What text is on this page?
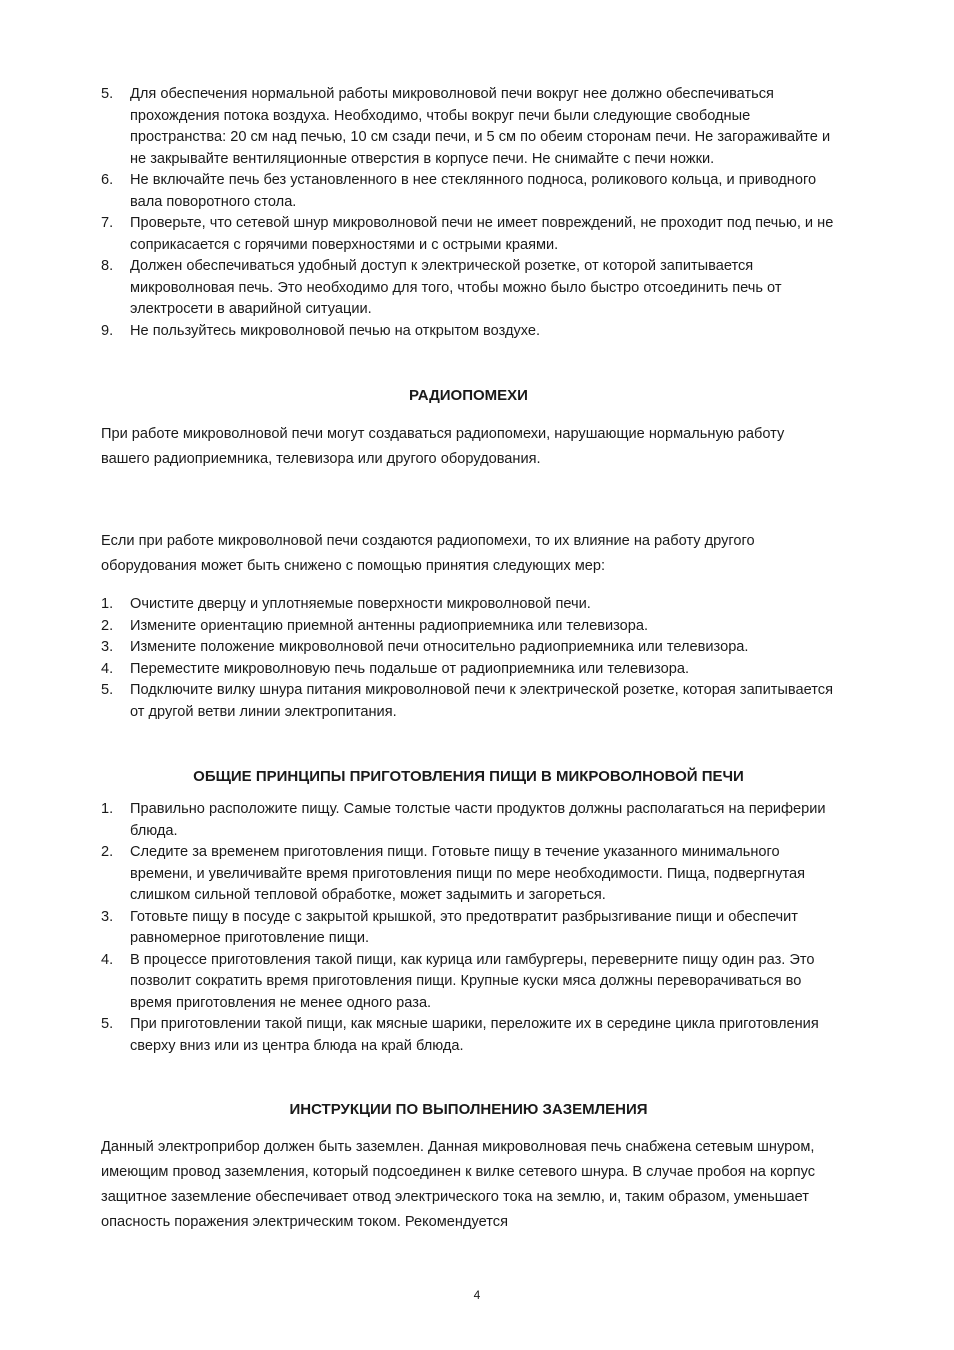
5. Для обеспечения нормальной работы микроволновой печи вокруг нее должно обеспечиваться прохождения потока воздуха. Необходимо, чтобы вокруг печи были следующие свободные пространства: 20 см над печью, 10 см сзади печи, и 5 см по обеим сторонам печи. Не загораживайте и не закрывайте вентиляционные отверстия в корпусе печи. Не снимайте с печи ножки.
6. Не включайте печь без установленного в нее стеклянного подноса, роликового кольца, и приводного вала поворотного стола.
7. Проверьте, что сетевой шнур микроволновой печи не имеет повреждений, не проходит под печью, и не соприкасается с горячими поверхностями и с острыми краями.
8. Должен обеспечиваться удобный доступ к электрической розетке, от которой запитывается микроволновая печь. Это необходимо для того, чтобы можно было быстро отсоединить печь от электросети в аварийной ситуации.
9. Не пользуйтесь микроволновой печью на открытом воздухе.
РАДИОПОМЕХИ

При работе микроволновой печи могут создаваться радиопомехи, нарушающие нормальную работу вашего радиоприемника, телевизора или другого оборудования.

Если при работе микроволновой печи создаются радиопомехи, то их влияние на работу другого оборудования может быть снижено с помощью принятия следующих мер:

1. Очистите дверцу и уплотняемые поверхности микроволновой печи.
2. Измените ориентацию приемной антенны радиоприемника или телевизора.
3. Измените положение микроволновой печи относительно радиоприемника или телевизора.
4. Переместите микроволновую печь подальше от радиоприемника или телевизора.
5. Подключите вилку шнура питания микроволновой печи к электрической розетке, которая запитывается от другой ветви линии электропитания.
ОБЩИЕ ПРИНЦИПЫ ПРИГОТОВЛЕНИЯ ПИЩИ В МИКРОВОЛНОВОЙ ПЕЧИ
1. Правильно расположите пищу. Самые толстые части продуктов должны располагаться на периферии блюда.
2. Следите за временем приготовления пищи. Готовьте пищу в течение указанного минимального времени, и увеличивайте время приготовления пищи по мере необходимости. Пища, подвергнутая слишком сильной тепловой обработке, может задымить и загореться.
3. Готовьте пищу в посуде с закрытой крышкой, это предотвратит разбрызгивание пищи и обеспечит равномерное приготовление пищи.
4. В процессе приготовления такой пищи, как курица или гамбургеры, переверните пищу один раз. Это позволит сократить время приготовления пищи. Крупные куски мяса должны переворачиваться во время приготовления не менее одного раза.
5. При приготовлении такой пищи, как мясные шарики, переложите их в середине цикла приготовления сверху вниз или из центра блюда на край блюда.
ИНСТРУКЦИИ ПО ВЫПОЛНЕНИЮ ЗАЗЕМЛЕНИЯ

Данный электроприбор должен быть заземлен. Данная микроволновая печь снабжена сетевым шнуром, имеющим провод заземления, который подсоединен к вилке сетевого шнура. В случае пробоя на корпус защитное заземление обеспечивает отвод электрического тока на землю, и, таким образом, уменьшает опасность поражения электрическим током. Рекомендуется

4
